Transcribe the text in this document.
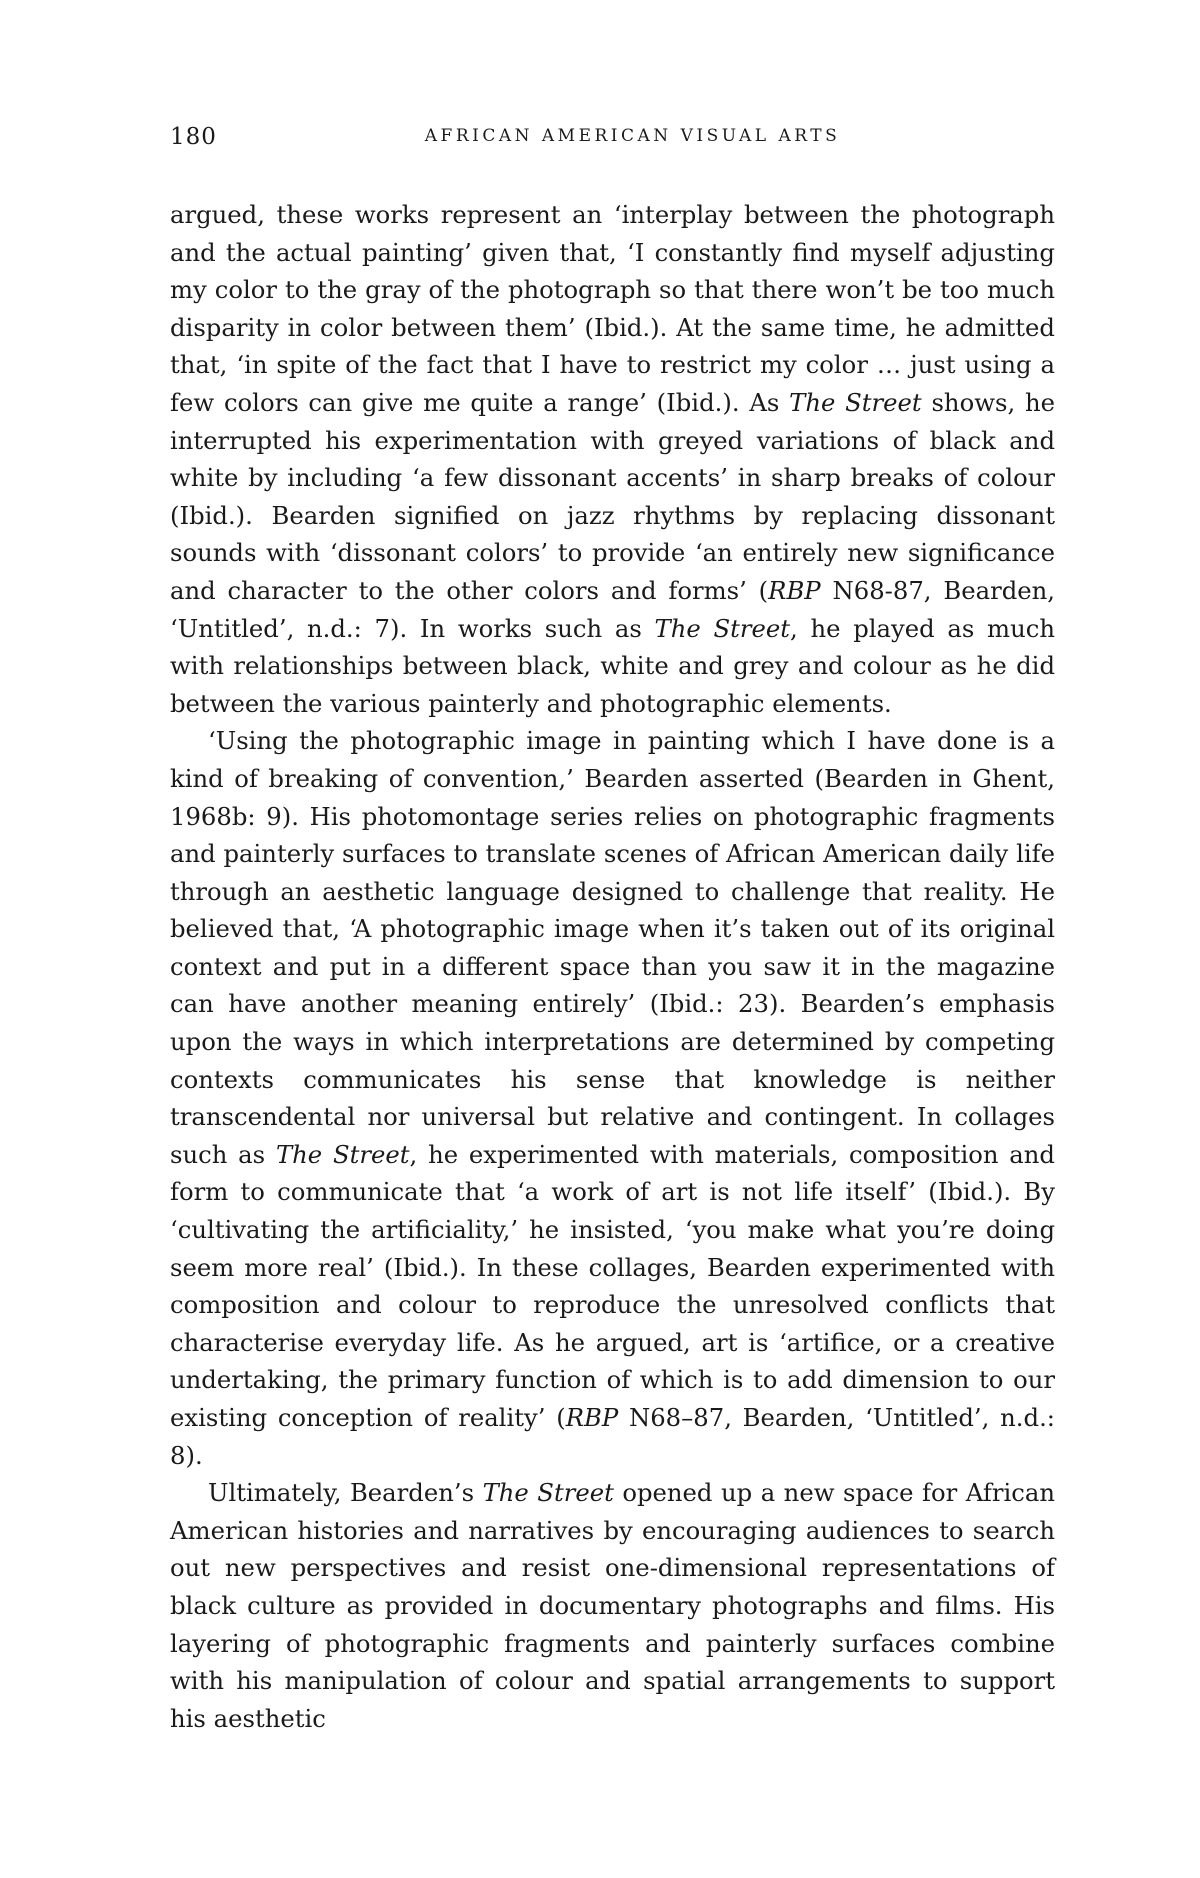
180	AFRICAN AMERICAN VISUAL ARTS

argued, these works represent an ‘interplay between the photograph and the actual painting’ given that, ‘I constantly find myself adjusting my color to the gray of the photograph so that there won’t be too much disparity in color between them’ (Ibid.). At the same time, he admitted that, ‘in spite of the fact that I have to restrict my color … just using a few colors can give me quite a range’ (Ibid.). As The Street shows, he interrupted his experimentation with greyed variations of black and white by including ‘a few dissonant accents’ in sharp breaks of colour (Ibid.). Bearden signified on jazz rhythms by replacing dissonant sounds with ‘dissonant colors’ to provide ‘an entirely new significance and character to the other colors and forms’ (RBP N68-87, Bearden, ‘Untitled’, n.d.: 7). In works such as The Street, he played as much with relationships between black, white and grey and colour as he did between the various painterly and photographic elements.

‘Using the photographic image in painting which I have done is a kind of breaking of convention,’ Bearden asserted (Bearden in Ghent, 1968b: 9). His photomontage series relies on photographic fragments and painterly surfaces to translate scenes of African American daily life through an aesthetic language designed to challenge that reality. He believed that, ‘A photographic image when it’s taken out of its original context and put in a different space than you saw it in the magazine can have another meaning entirely’ (Ibid.: 23). Bearden’s emphasis upon the ways in which interpretations are determined by competing contexts communicates his sense that knowledge is neither transcendental nor universal but relative and contingent. In collages such as The Street, he experimented with materials, composition and form to communicate that ‘a work of art is not life itself’ (Ibid.). By ‘cultivating the artificiality,’ he insisted, ‘you make what you’re doing seem more real’ (Ibid.). In these collages, Bearden experimented with composition and colour to reproduce the unresolved conflicts that characterise everyday life. As he argued, art is ‘artifice, or a creative undertaking, the primary function of which is to add dimension to our existing conception of reality’ (RBP N68–87, Bearden, ‘Untitled’, n.d.: 8).

Ultimately, Bearden’s The Street opened up a new space for African American histories and narratives by encouraging audiences to search out new perspectives and resist one-dimensional representations of black culture as provided in documentary photographs and films. His layering of photographic fragments and painterly surfaces combine with his manipulation of colour and spatial arrangements to support his aesthetic
